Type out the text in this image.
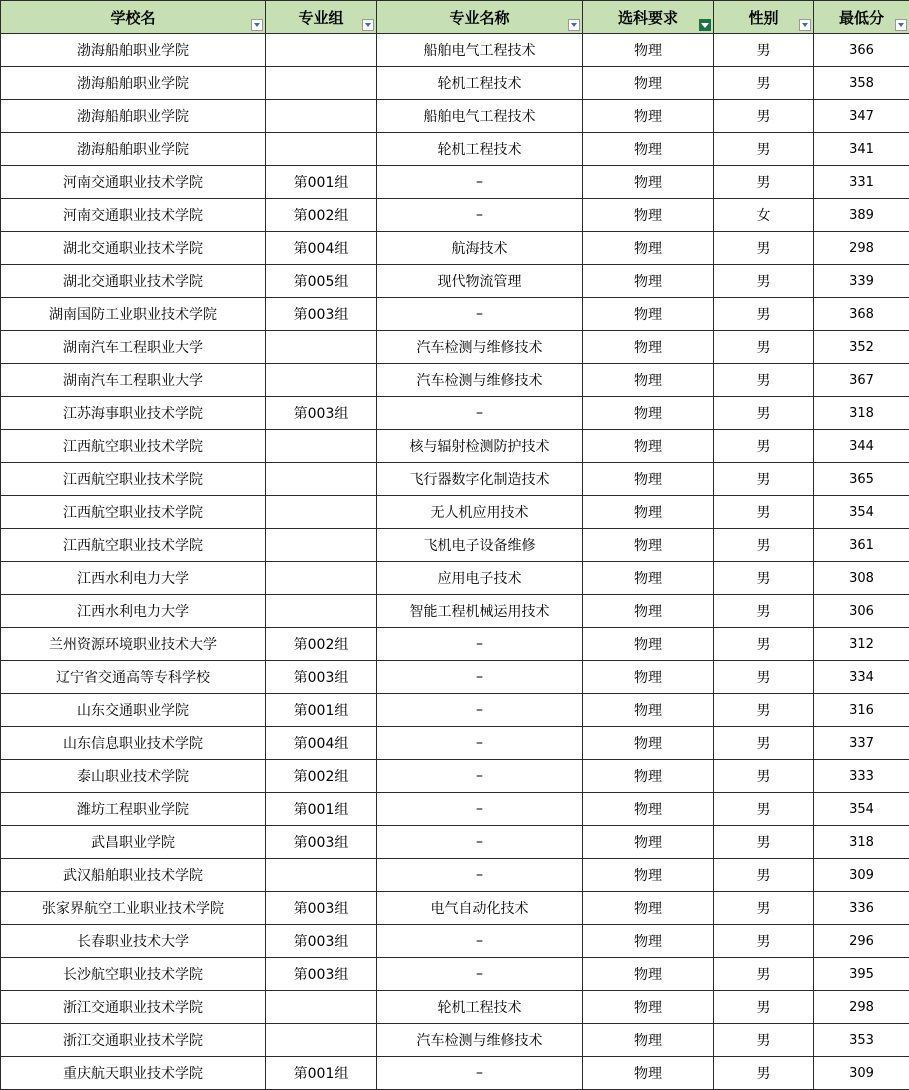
学校名	专业组	专业名称	选科要求	性别	最低分

渤海船舶职业学院		船舶电气工程技术	物理	男	366
渤海船舶职业学院		轮机工程技术	物理	男	358
渤海船舶职业学院		船舶电气工程技术	物理	男	347
渤海船舶职业学院		轮机工程技术	物理	男	341
河南交通职业技术学院	第001组	–	物理	男	331
河南交通职业技术学院	第002组	–	物理	女	389
湖北交通职业技术学院	第004组	航海技术	物理	男	298
湖北交通职业技术学院	第005组	现代物流管理	物理	男	339
湖南国防工业职业技术学院	第003组	–	物理	男	368
湖南汽车工程职业大学		汽车检测与维修技术	物理	男	352
湖南汽车工程职业大学		汽车检测与维修技术	物理	男	367
江苏海事职业技术学院	第003组	–	物理	男	318
江西航空职业技术学院		核与辐射检测防护技术	物理	男	344
江西航空职业技术学院		飞行器数字化制造技术	物理	男	365
江西航空职业技术学院		无人机应用技术	物理	男	354
江西航空职业技术学院		飞机电子设备维修	物理	男	361
江西水利电力大学		应用电子技术	物理	男	308
江西水利电力大学		智能工程机械运用技术	物理	男	306
兰州资源环境职业技术大学	第002组	–	物理	男	312
辽宁省交通高等专科学校	第003组	–	物理	男	334
山东交通职业学院	第001组	–	物理	男	316
山东信息职业技术学院	第004组	–	物理	男	337
泰山职业技术学院	第002组	–	物理	男	333
潍坊工程职业学院	第001组	–	物理	男	354
武昌职业学院	第003组	–	物理	男	318
武汉船舶职业技术学院		–	物理	男	309
张家界航空工业职业技术学院	第003组	电气自动化技术	物理	男	336
长春职业技术大学	第003组	–	物理	男	296
长沙航空职业技术学院	第003组	–	物理	男	395
浙江交通职业技术学院		轮机工程技术	物理	男	298
浙江交通职业技术学院		汽车检测与维修技术	物理	男	353
重庆航天职业技术学院	第001组	–	物理	男	309
